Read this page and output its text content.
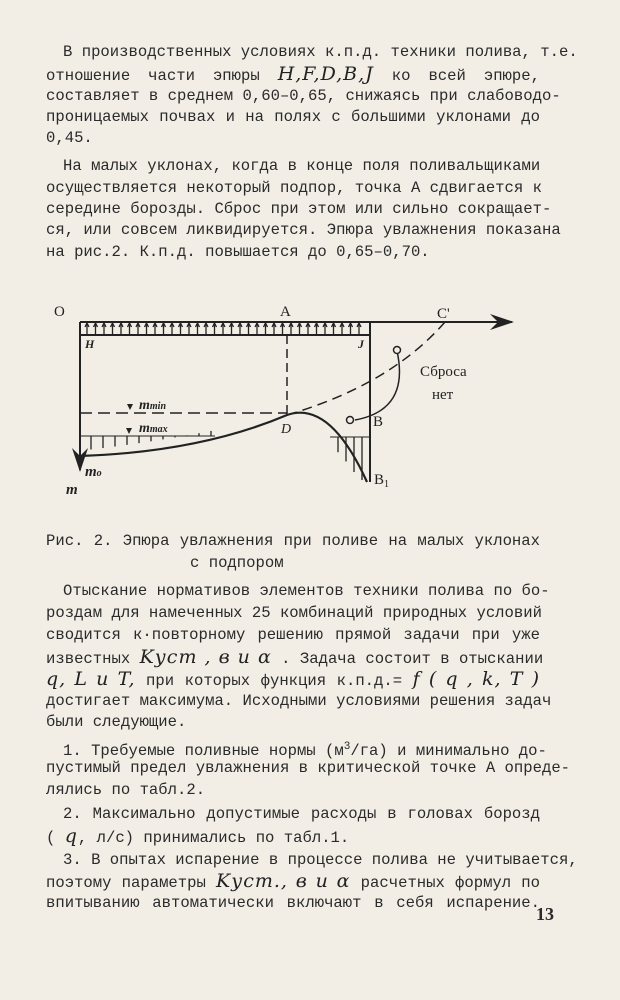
В производственных условиях к.п.д. техники полива, т.е.
отношение части эпюры H,F,D,B,J ко всей эпюре,
составляет в среднем 0,60–0,65, снижаясь при слабоводо-
проницаемых почвах и на полях с большими уклонами до
0,45.
На малых уклонах, когда в конце поля поливальщиками
осуществляется некоторый подпор, точка А сдвигается к
середине борозды. Сброс при этом или сильно сокращает-
ся, или совсем ликвидируется. Эпюра увлажнения показана
на рис.2. К.п.д. повышается до 0,65–0,70.
O	A	C'
H	J
D	B
$B_1$
Сброса
нет
mmin
mmax
mo
m
Рис. 2. Эпюра увлажнения при поливе на малых уклонах
с подпором
Отыскание нормативов элементов техники полива по бо-
роздам для намеченных 25 комбинаций природных условий
сводится к·повторному решению прямой задачи при уже
известных Kуст , в и α . Задача состоит в отыскании
q, L и T, при которых функция к.п.д.= f ( q , k, T )
достигает максимума. Исходными условиями решения задач
были следующие.
1. Требуемые поливные нормы $(м^3/га)$ и минимально до-
пустимый предел увлажнения в критической точке А опреде-
лялись по табл.2.
2. Максимально допустимые расходы в головах борозд
( q, л/с) принимались по табл.1.
3. В опытах испарение в процессе полива не учитывается,
поэтому параметры Kуст., в и α расчетных формул по
впитыванию автоматически включают в себя испарение.
13
